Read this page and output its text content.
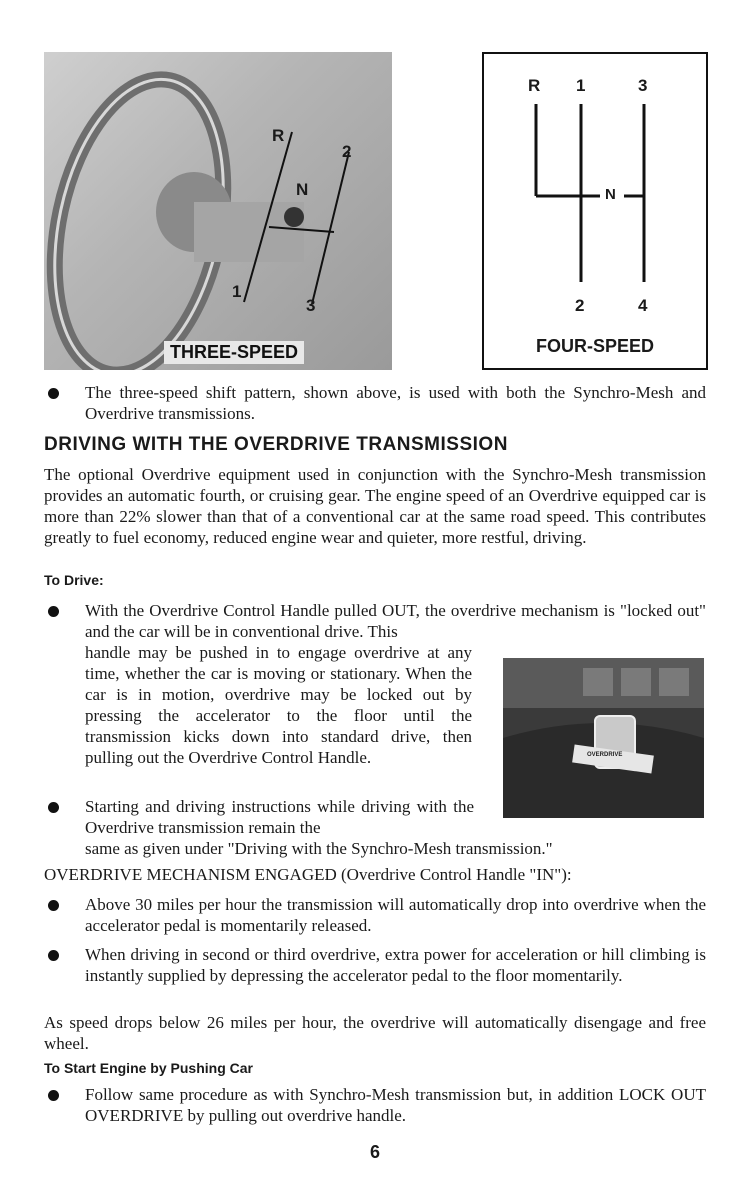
R
2
N
1
3
THREE-SPEED
R 1	3
N
2	4
FOUR-SPEED
The three-speed shift pattern, shown above, is used with both the Synchro-Mesh and Overdrive transmissions.
DRIVING WITH THE OVERDRIVE TRANSMISSION
The optional Overdrive equipment used in conjunction with the Synchro-Mesh transmission provides an automatic fourth, or cruising gear. The engine speed of an Overdrive equipped car is more than 22% slower than that of a conventional car at the same road speed. This contributes greatly to fuel economy, reduced engine wear and quieter, more restful, driving.
To Drive:
With the Overdrive Control Handle pulled OUT, the overdrive mechanism is "locked out" and the car will be in conventional drive. This
handle may be pushed in to engage overdrive at any time, whether the car is moving or stationary. When the car is in motion, overdrive may be locked out by pressing the accelerator to the floor until the transmission kicks down into standard drive, then pulling out the Overdrive Control Handle.	OVERDRIVE
Starting and driving instructions while driving with the Overdrive transmission remain the
same as given under "Driving with the Synchro-Mesh transmission."
OVERDRIVE MECHANISM ENGAGED (Overdrive Control Handle "IN"):
Above 30 miles per hour the transmission will automatically drop into overdrive when the accelerator pedal is momentarily released.
When driving in second or third overdrive, extra power for acceleration or hill climbing is instantly supplied by depressing the accelerator pedal to the floor momentarily.
As speed drops below 26 miles per hour, the overdrive will automatically disengage and free wheel.
To Start Engine by Pushing Car
Follow same procedure as with Synchro-Mesh transmission but, in addition LOCK OUT OVERDRIVE by pulling out overdrive handle.
6
